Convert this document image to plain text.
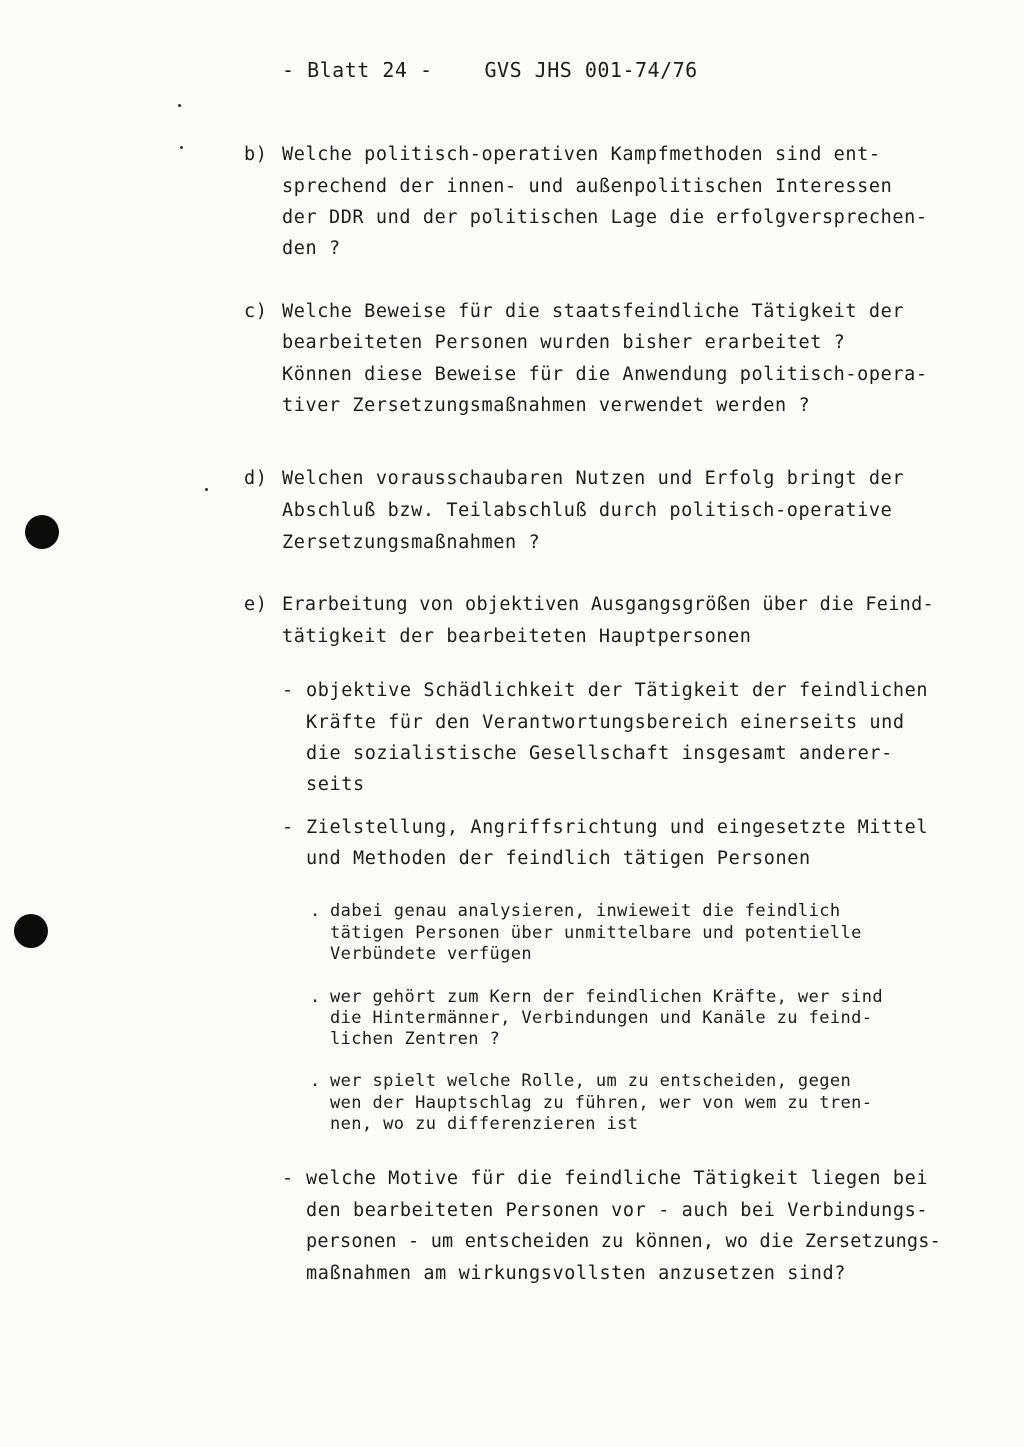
- Blatt 24 -	GVS JHS 001-74/76
b) Welche politisch-operativen Kampfmethoden sind ent-
sprechend der innen- und außenpolitischen Interessen
der DDR und der politischen Lage die erfolgversprechen-
den ?
c) Welche Beweise für die staatsfeindliche Tätigkeit der
bearbeiteten Personen wurden bisher erarbeitet ?
Können diese Beweise für die Anwendung politisch-opera-
tiver Zersetzungsmaßnahmen verwendet werden ?
d) Welchen vorausschaubaren Nutzen und Erfolg bringt der
Abschluß bzw. Teilabschluß durch politisch-operative
Zersetzungsmaßnahmen ?
e) Erarbeitung von objektiven Ausgangsgrößen über die Feind-
tätigkeit der bearbeiteten Hauptpersonen
- objektive Schädlichkeit der Tätigkeit der feindlichen
Kräfte für den Verantwortungsbereich einerseits und
die sozialistische Gesellschaft insgesamt anderer-
seits
- Zielstellung, Angriffsrichtung und eingesetzte Mittel
und Methoden der feindlich tätigen Personen
. dabei genau analysieren, inwieweit die feindlich
tätigen Personen über unmittelbare und potentielle
Verbündete verfügen
. wer gehört zum Kern der feindlichen Kräfte, wer sind
die Hintermänner, Verbindungen und Kanäle zu feind-
lichen Zentren ?
. wer spielt welche Rolle, um zu entscheiden, gegen
wen der Hauptschlag zu führen, wer von wem zu tren-
nen, wo zu differenzieren ist
- welche Motive für die feindliche Tätigkeit liegen bei
den bearbeiteten Personen vor - auch bei Verbindungs-
personen - um entscheiden zu können, wo die Zersetzungs-
maßnahmen am wirkungsvollsten anzusetzen sind?
